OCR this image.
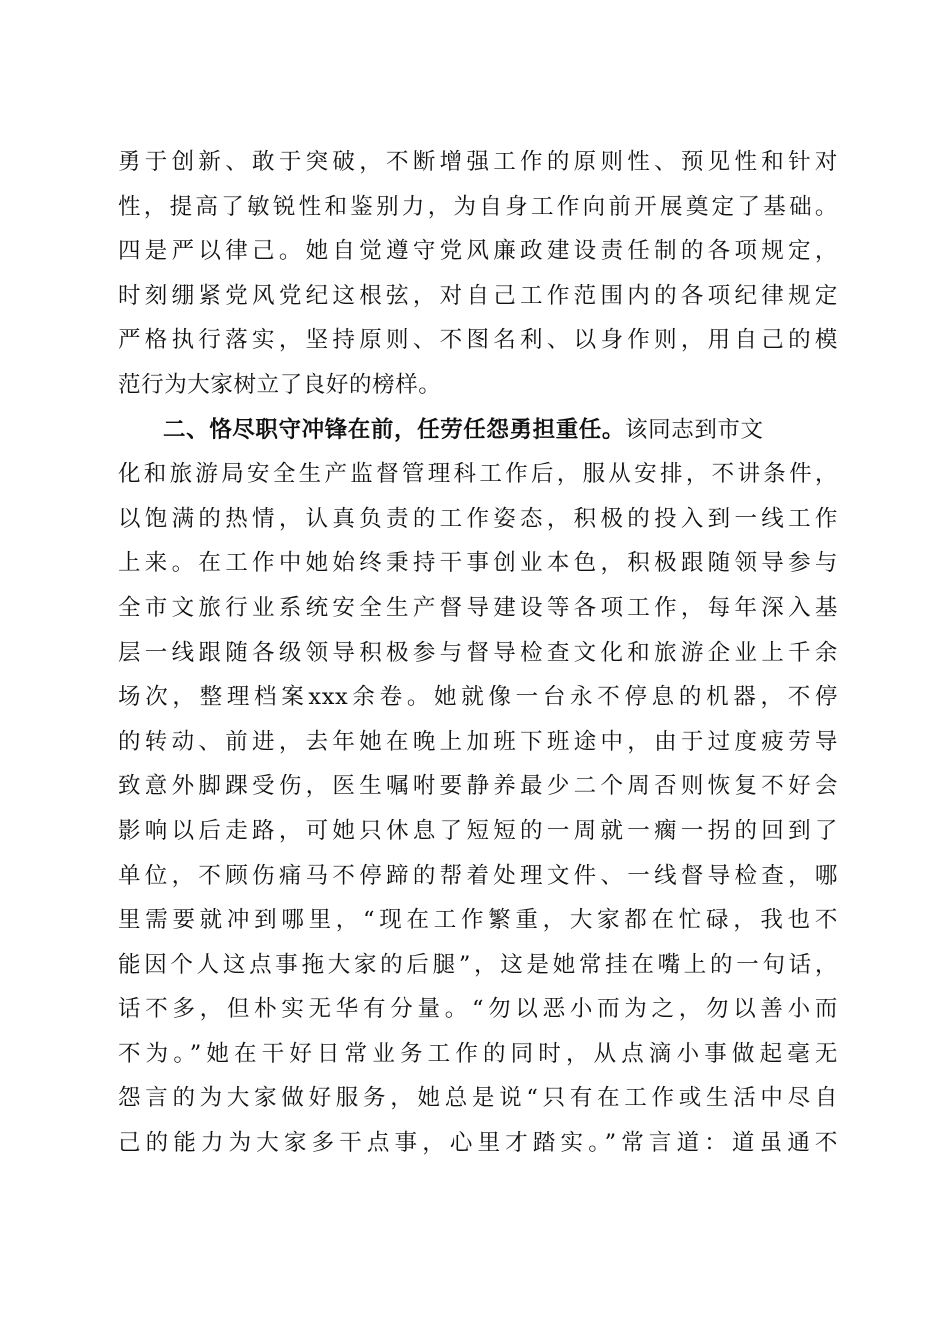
勇于创新、敢于突破，不断增强工作的原则性、预见性和针对
性，提高了敏锐性和鉴别力，为自身工作向前开展奠定了基础。
四是严以律己。她自觉遵守党风廉政建设责任制的各项规定，
时刻绷紧党风党纪这根弦，对自己工作范围内的各项纪律规定
严格执行落实，坚持原则、不图名利、以身作则，用自己的模
范行为大家树立了良好的榜样。
二、恪尽职守冲锋在前，任劳任怨勇担重任。该同志到市文
化和旅游局安全生产监督管理科工作后，服从安排，不讲条件，
以饱满的热情，认真负责的工作姿态，积极的投入到一线工作
上来。在工作中她始终秉持干事创业本色，积极跟随领导参与
全市文旅行业系统安全生产督导建设等各项工作，每年深入基
层一线跟随各级领导积极参与督导检查文化和旅游企业上千余
场次，整理档案xxx余卷。她就像一台永不停息的机器，不停
的转动、前进，去年她在晚上加班下班途中，由于过度疲劳导
致意外脚踝受伤，医生嘱咐要静养最少二个周否则恢复不好会
影响以后走路，可她只休息了短短的一周就一瘸一拐的回到了
单位，不顾伤痛马不停蹄的帮着处理文件、一线督导检查，哪
里需要就冲到哪里，“现在工作繁重，大家都在忙碌，我也不
能因个人这点事拖大家的后腿”，这是她常挂在嘴上的一句话，
话不多，但朴实无华有分量。“勿以恶小而为之，勿以善小而
不为。”她在干好日常业务工作的同时，从点滴小事做起毫无
怨言的为大家做好服务，她总是说“只有在工作或生活中尽自
己的能力为大家多干点事，心里才踏实。”常言道：道虽通不
